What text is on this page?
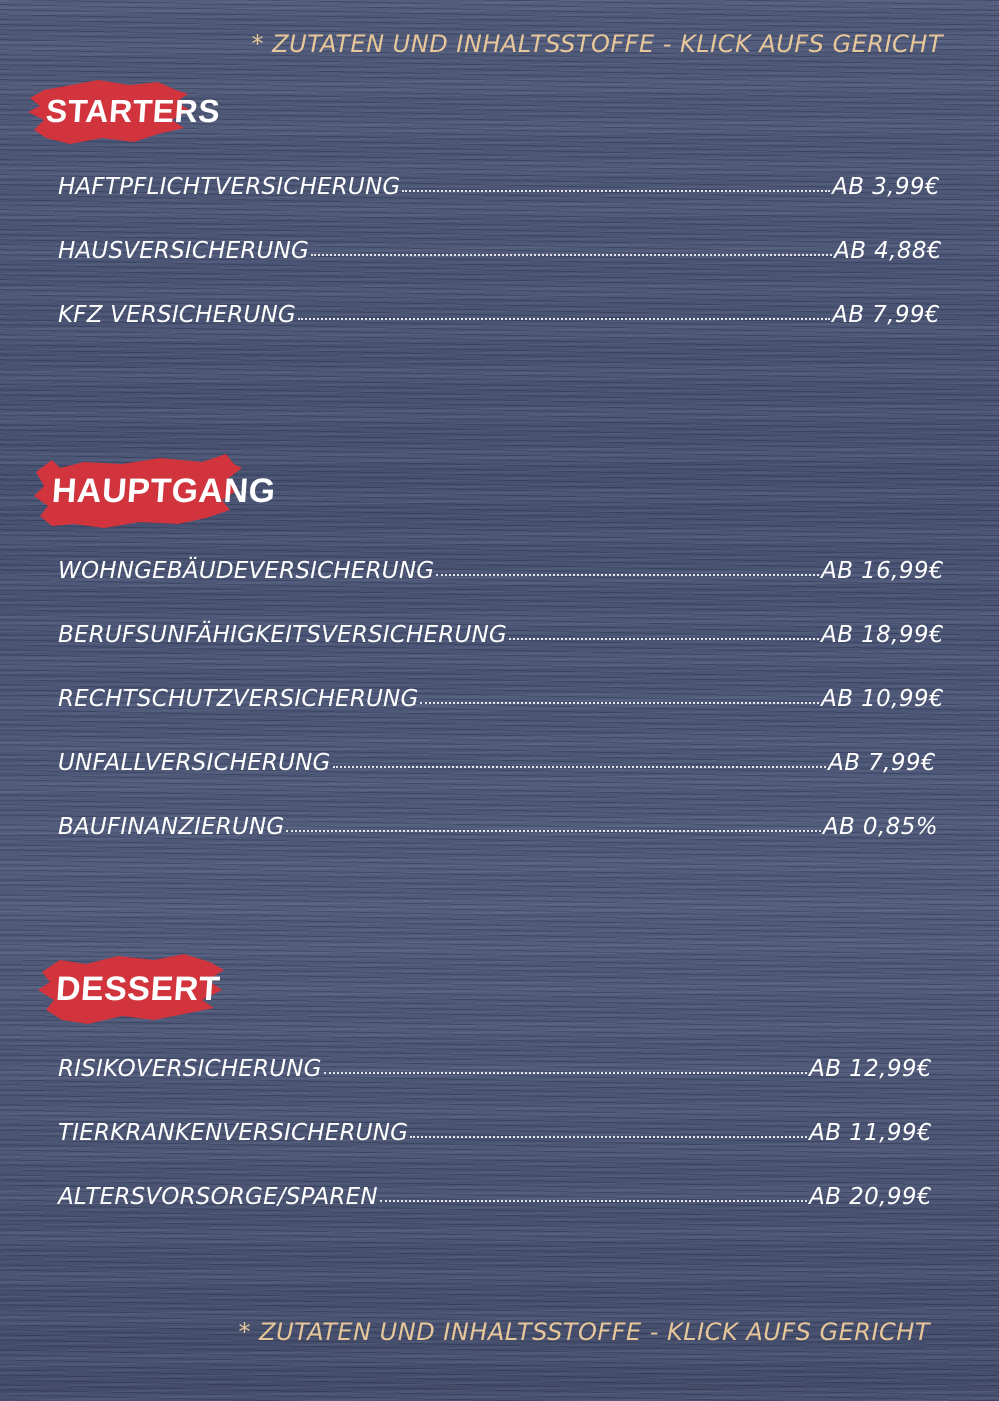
* ZUTATEN UND INHALTSSTOFFE - KLICK AUFS GERICHT
STARTERS
HAFTPFLICHTVERSICHERUNG	AB 3,99€
HAUSVERSICHERUNG	AB 4,88€
KFZ VERSICHERUNG	AB 7,99€
HAUPTGANG
WOHNGEBÄUDEVERSICHERUNG	AB 16,99€
BERUFSUNFÄHIGKEITSVERSICHERUNG	AB 18,99€
RECHTSCHUTZVERSICHERUNG	AB 10,99€
UNFALLVERSICHERUNG	AB 7,99€
BAUFINANZIERUNG	AB 0,85%
DESSERT
RISIKOVERSICHERUNG	AB 12,99€
TIERKRANKENVERSICHERUNG	AB 11,99€
ALTERSVORSORGE/SPAREN	AB 20,99€
* ZUTATEN UND INHALTSSTOFFE - KLICK AUFS GERICHT
